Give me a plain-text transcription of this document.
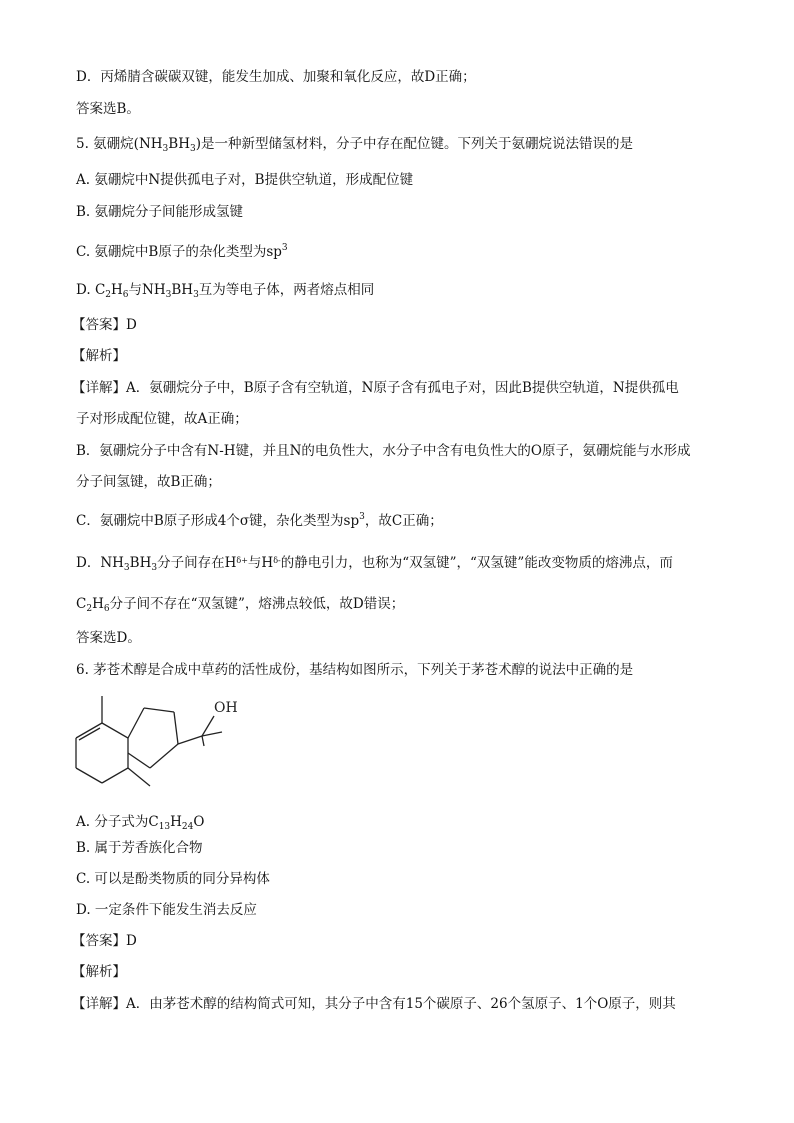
D．丙烯腈含碳碳双键，能发生加成、加聚和氧化反应，故D正确；
答案选B。
5. 氨硼烷$(NH_3BH_3)$是一种新型储氢材料，分子中存在配位键。下列关于氨硼烷说法错误的是
A. 氨硼烷中N提供孤电子对，B提供空轨道，形成配位键
B. 氨硼烷分子间能形成氢键
C. 氨硼烷中B原子的杂化类型为$sp^3$
D. $C_2H_6$与$NH_3BH_3$互为等电子体，两者熔点相同
【答案】D
【解析】
【详解】A．氨硼烷分子中，B原子含有空轨道，N原子含有孤电子对，因此B提供空轨道，N提供孤电
子对形成配位键，故A正确；
B．氨硼烷分子中含有N-H键，并且N的电负性大，水分子中含有电负性大的O原子，氨硼烷能与水形成
分子间氢键，故B正确；
C．氨硼烷中B原子形成4个σ键，杂化类型为$sp^3$，故C正确；
D．$NH_3BH_3$分子间存在$H^{\delta+}$与$H^{\delta-}$的静电引力，也称为“双氢键”，“双氢键”能改变物质的熔沸点，而
$C_2H_6$分子间不存在“双氢键”，熔沸点较低，故D错误；
答案选D。
6. 茅苍术醇是合成中草药的活性成份，基结构如图所示，下列关于茅苍术醇的说法中正确的是
OH
A. 分子式为$C_{13}H_{24}O$
B. 属于芳香族化合物
C. 可以是酚类物质的同分异构体
D. 一定条件下能发生消去反应
【答案】D
【解析】
【详解】A．由茅苍术醇的结构简式可知，其分子中含有15个碳原子、26个氢原子、1个O原子，则其
